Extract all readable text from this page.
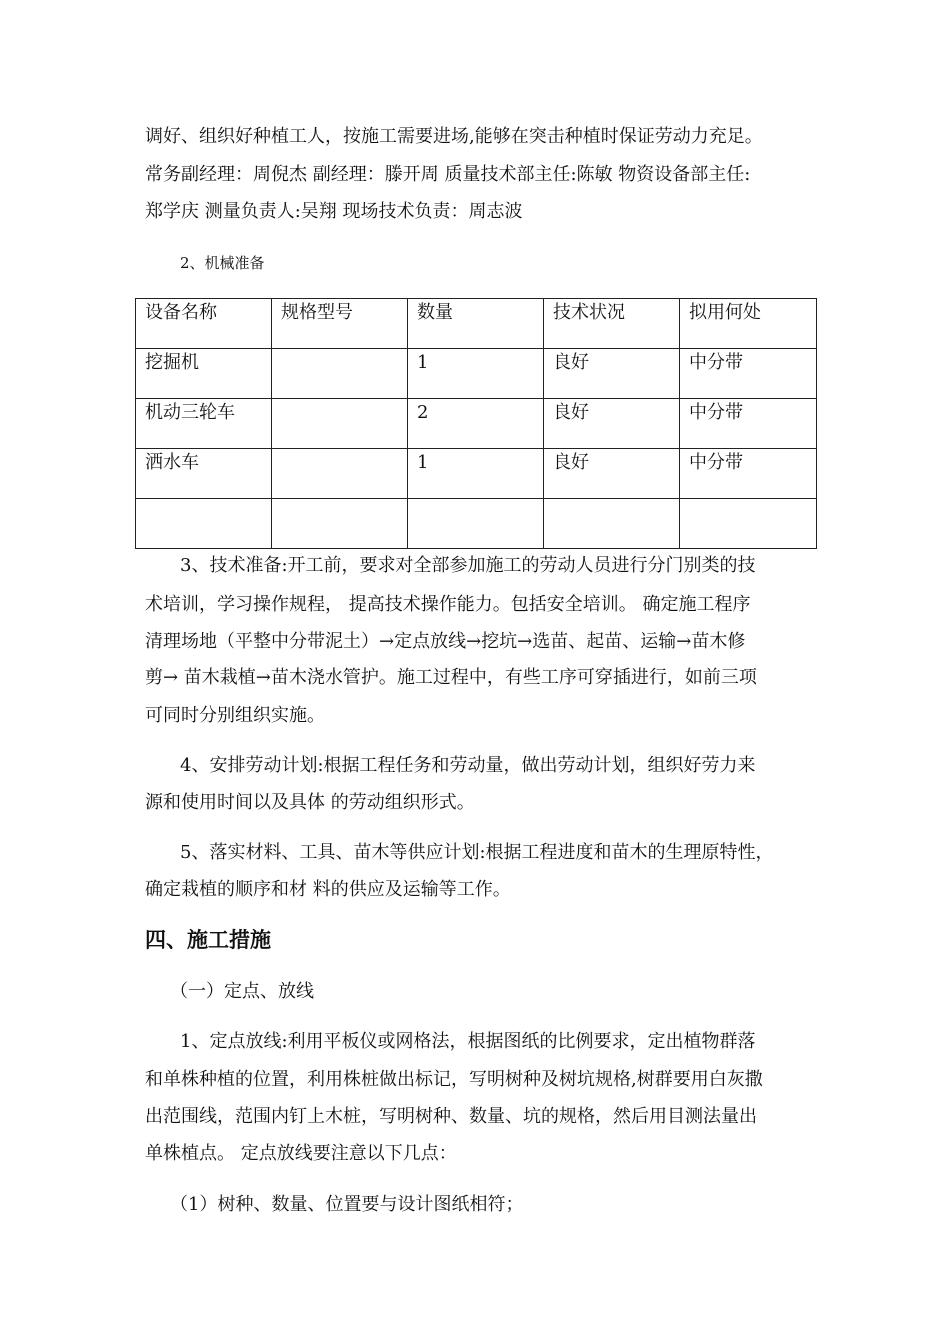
调好、组织好种植工人，按施工需要进场,能够在突击种植时保证劳动力充足。
常务副经理：周倪杰 副经理：滕开周 质量技术部主任:陈敏 物资设备部主任:
郑学庆 测量负责人:吴翔 现场技术负责：周志波
2、机械准备
设备名称	规格型号	数量	技术状况	拟用何处

挖掘机		1	良好	中分带

机动三轮车		2	良好	中分带

洒水车		1	良好	中分带

3、技术准备:开工前，要求对全部参加施工的劳动人员进行分门别类的技
术培训，学习操作规程， 提高技术操作能力。包括安全培训。 确定施工程序
清理场地（平整中分带泥土）→定点放线→挖坑→选苗、起苗、运输→苗木修
剪→ 苗木栽植→苗木浇水管护。施工过程中，有些工序可穿插进行，如前三项
可同时分别组织实施。
4、安排劳动计划:根据工程任务和劳动量，做出劳动计划，组织好劳力来
源和使用时间以及具体 的劳动组织形式。
5、落实材料、工具、苗木等供应计划:根据工程进度和苗木的生理原特性，
确定栽植的顺序和材 料的供应及运输等工作。
四、施工措施
（一）定点、放线
1、定点放线:利用平板仪或网格法，根据图纸的比例要求，定出植物群落
和单株种植的位置，利用株桩做出标记，写明树种及树坑规格,树群要用白灰撒
出范围线，范围内钉上木桩，写明树种、数量、坑的规格，然后用目测法量出
单株植点。 定点放线要注意以下几点：
（1）树种、数量、位置要与设计图纸相符；
